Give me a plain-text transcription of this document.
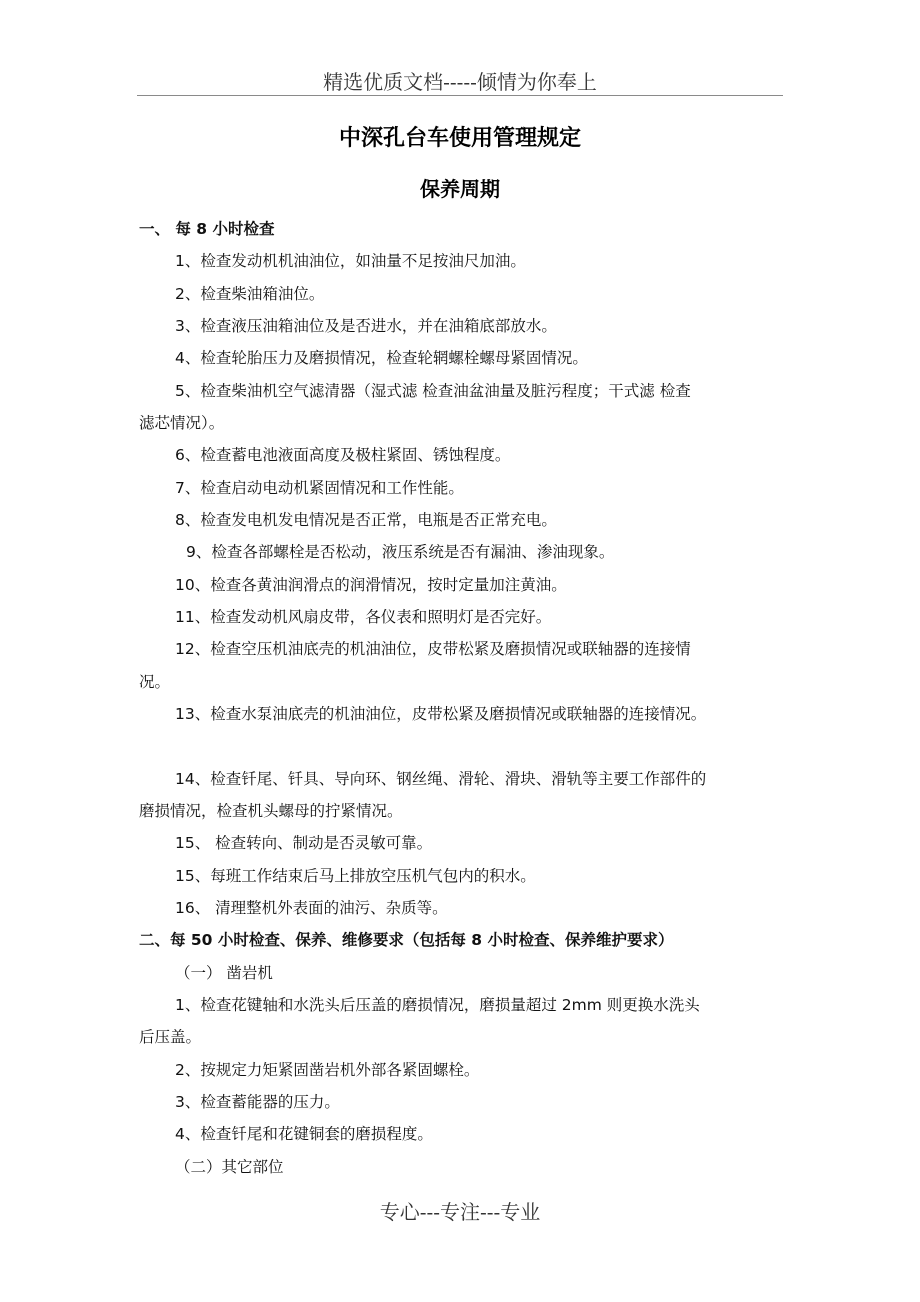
精选优质文档-----倾情为你奉上
中深孔台车使用管理规定
保养周期
一、 每 8 小时检查
1、检查发动机机油油位，如油量不足按油尺加油。
2、检查柴油箱油位。
3、检查液压油箱油位及是否进水，并在油箱底部放水。
4、检查轮胎压力及磨损情况，检查轮辋螺栓螺母紧固情况。
5、检查柴油机空气滤清器（湿式滤 检查油盆油量及脏污程度；干式滤 检查
滤芯情况）。
6、检查蓄电池液面高度及极柱紧固、锈蚀程度。
7、检查启动电动机紧固情况和工作性能。
8、检查发电机发电情况是否正常，电瓶是否正常充电。
9、检查各部螺栓是否松动，液压系统是否有漏油、渗油现象。
10、检查各黄油润滑点的润滑情况，按时定量加注黄油。
11、检查发动机风扇皮带，各仪表和照明灯是否完好。
12、检查空压机油底壳的机油油位，皮带松紧及磨损情况或联轴器的连接情
况。
13、检查水泵油底壳的机油油位，皮带松紧及磨损情况或联轴器的连接情况。
14、检查钎尾、钎具、导向环、钢丝绳、滑轮、滑块、滑轨等主要工作部件的
磨损情况，检查机头螺母的拧紧情况。
15、 检查转向、制动是否灵敏可靠。
15、每班工作结束后马上排放空压机气包内的积水。
16、 清理整机外表面的油污、杂质等。
二、每 50 小时检查、保养、维修要求（包括每 8 小时检查、保养维护要求）
（一） 凿岩机
1、检查花键轴和水洗头后压盖的磨损情况，磨损量超过 2mm 则更换水洗头
后压盖。
2、按规定力矩紧固凿岩机外部各紧固螺栓。
3、检查蓄能器的压力。
4、检查钎尾和花键铜套的磨损程度。
（二）其它部位
专心---专注---专业
